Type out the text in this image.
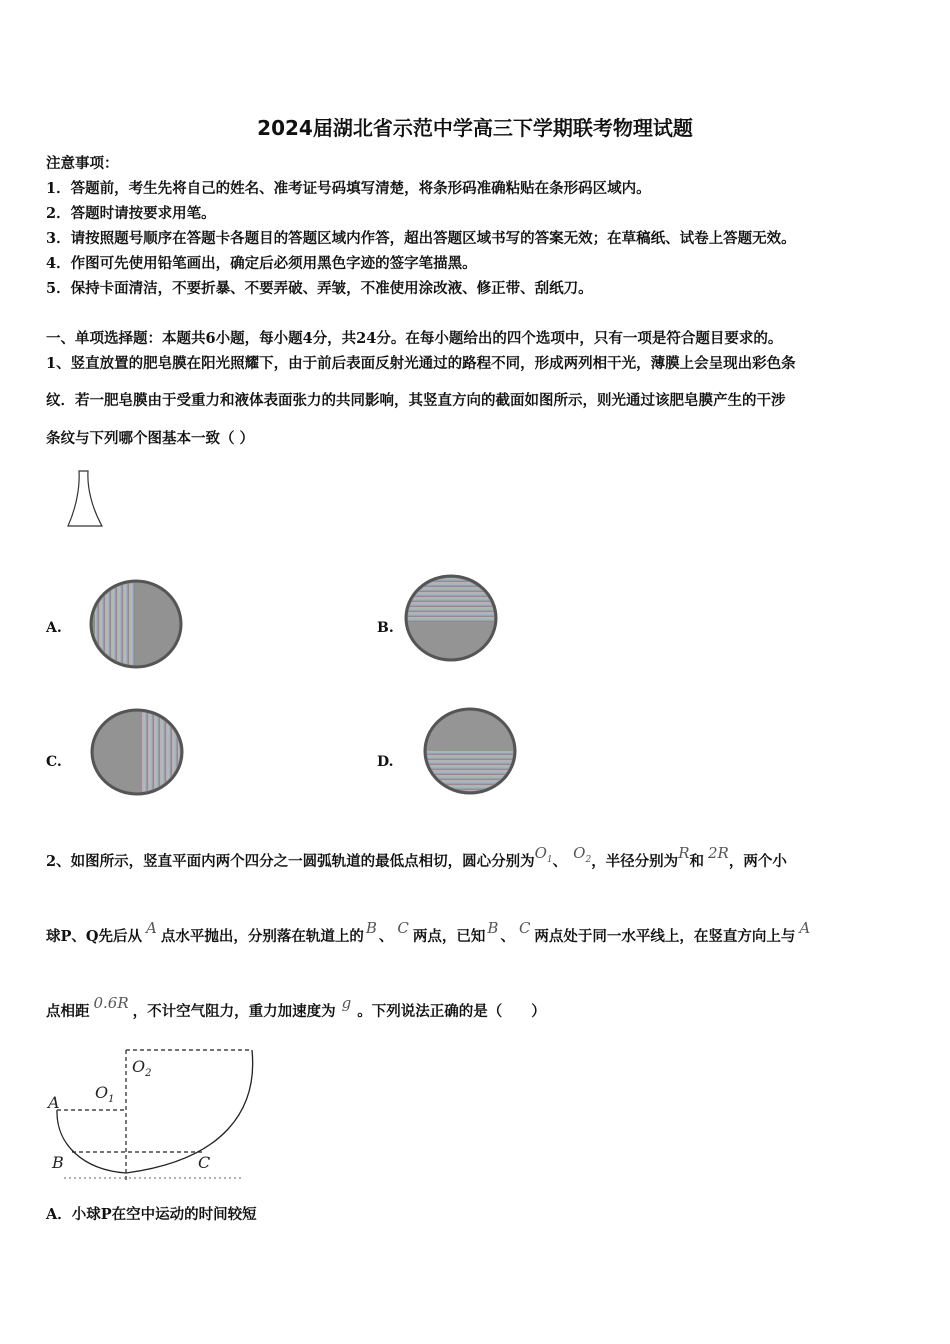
2024届湖北省示范中学高三下学期联考物理试题
注意事项：
1．答题前，考生先将自己的姓名、准考证号码填写清楚，将条形码准确粘贴在条形码区域内。
2．答题时请按要求用笔。
3．请按照题号顺序在答题卡各题目的答题区域内作答，超出答题区域书写的答案无效；在草稿纸、试卷上答题无效。
4．作图可先使用铅笔画出，确定后必须用黑色字迹的签字笔描黑。
5．保持卡面清洁，不要折暴、不要弄破、弄皱，不准使用涂改液、修正带、刮纸刀。
一、单项选择题：本题共6小题，每小题4分，共24分。在每小题给出的四个选项中，只有一项是符合题目要求的。
1、竖直放置的肥皂膜在阳光照耀下，由于前后表面反射光通过的路程不同，形成两列相干光，薄膜上会呈现出彩色条
纹．若一肥皂膜由于受重力和液体表面张力的共同影响，其竖直方向的截面如图所示，则光通过该肥皂膜产生的干涉
条纹与下列哪个图基本一致（ ）
A.	B.
C.	D.
2、如图所示，竖直平面内两个四分之一圆弧轨道的最低点相切，圆心分别为$O_1$、 $O_2$，半径分别为R和 2R，两个小
球P、Q先后从 A 点水平抛出，分别落在轨道上的 B 、 C 两点，已知 B 、 C 两点处于同一水平线上，在竖直方向上与 A
点相距 0.6R ，不计空气阻力，重力加速度为 g 。下列说法正确的是（　　）
$O_2$
$O_1$
A
B	C
A．小球P在空中运动的时间较短
